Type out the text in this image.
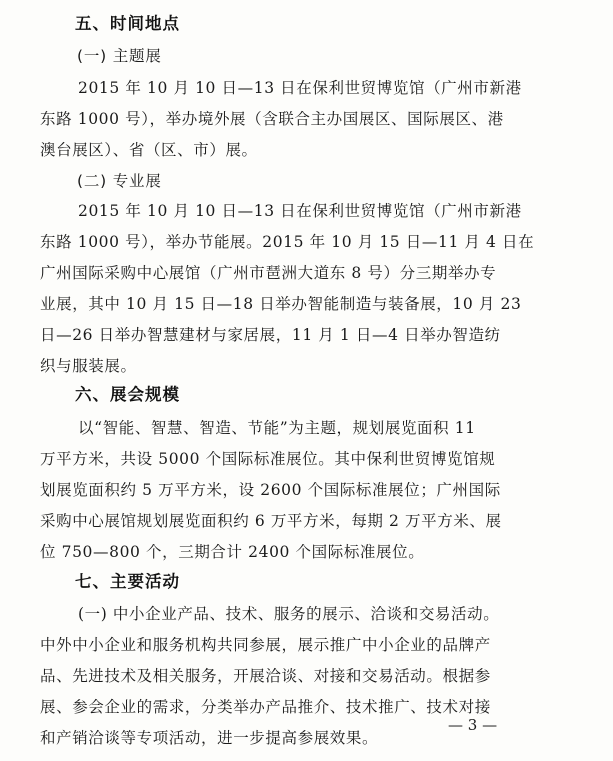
五、时间地点
(一) 主题展
2015 年 10 月 10 日—13 日在保利世贸博览馆（广州市新港
东路 1000 号），举办境外展（含联合主办国展区、国际展区、港
澳台展区）、省（区、市）展。
(二) 专业展
2015 年 10 月 10 日—13 日在保利世贸博览馆（广州市新港
东路 1000 号），举办节能展。2015 年 10 月 15 日—11 月 4 日在
广州国际采购中心展馆（广州市琶洲大道东 8 号）分三期举办专
业展，其中 10 月 15 日—18 日举办智能制造与装备展，10 月 23
日—26 日举办智慧建材与家居展，11 月 1 日—4 日举办智造纺
织与服装展。
六、展会规模
以“智能、智慧、智造、节能”为主题，规划展览面积 11
万平方米，共设 5000 个国际标准展位。其中保利世贸博览馆规
划展览面积约 5 万平方米，设 2600 个国际标准展位；广州国际
采购中心展馆规划展览面积约 6 万平方米，每期 2 万平方米、展
位 750—800 个，三期合计 2400 个国际标准展位。
七、主要活动
(一) 中小企业产品、技术、服务的展示、洽谈和交易活动。
中外中小企业和服务机构共同参展，展示推广中小企业的品牌产
品、先进技术及相关服务，开展洽谈、对接和交易活动。根据参
展、参会企业的需求，分类举办产品推介、技术推广、技术对接
和产销洽谈等专项活动，进一步提高参展效果。
— 3 —
